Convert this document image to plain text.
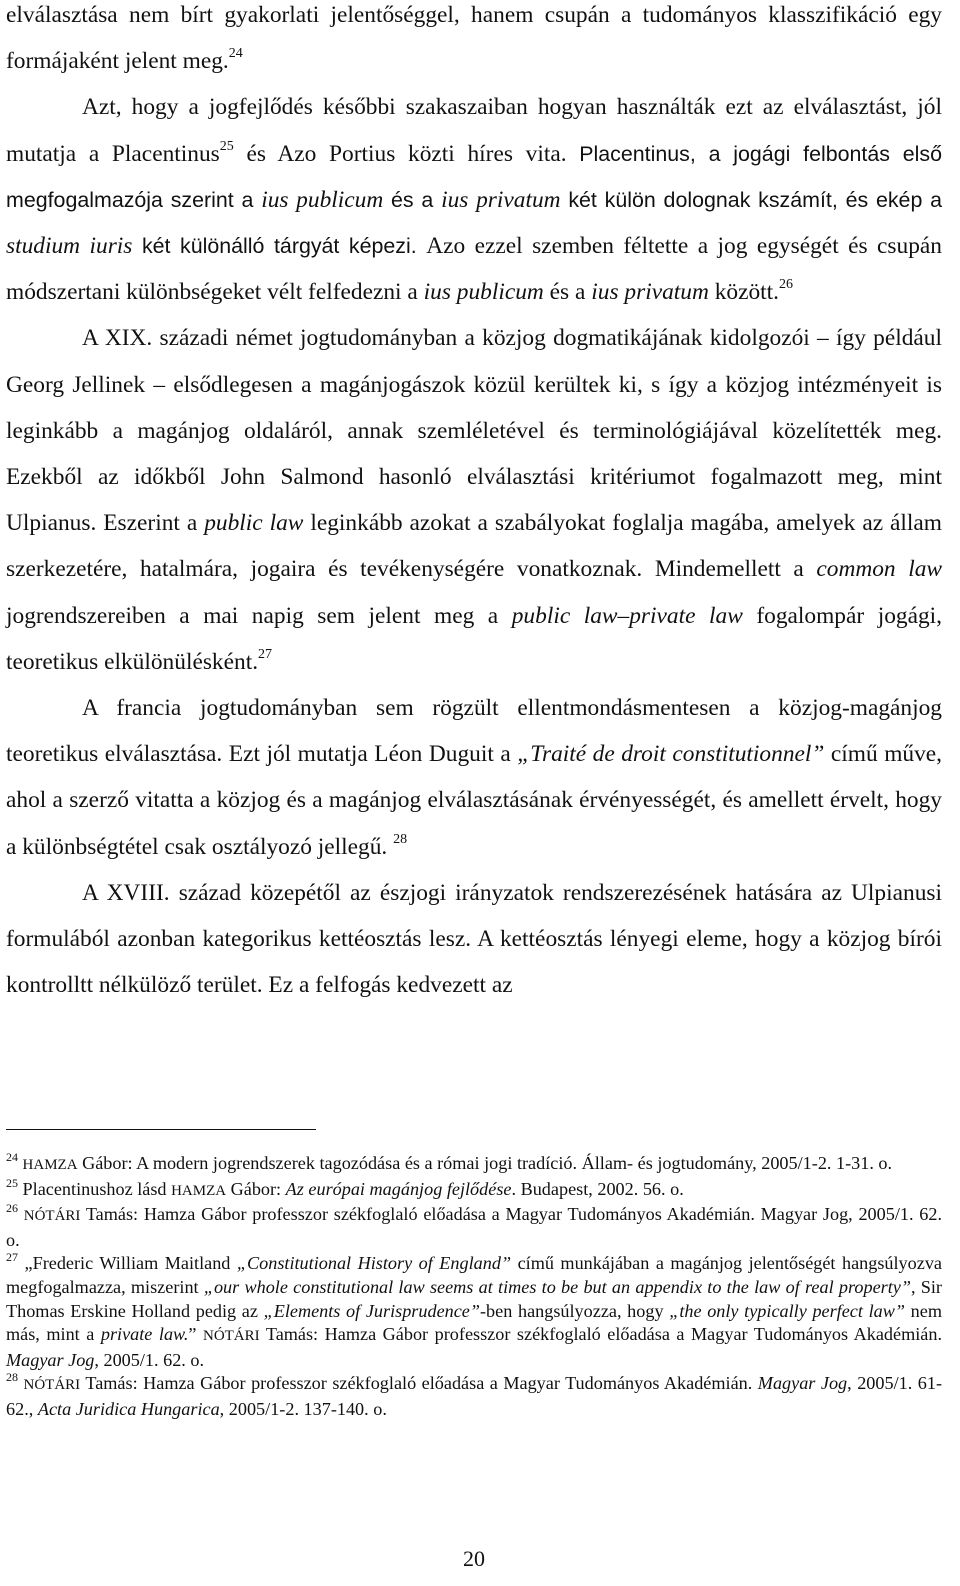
elválasztása nem bírt gyakorlati jelentőséggel, hanem csupán a tudományos klasszifikáció egy formájaként jelent meg.$^{24}$

Azt, hogy a jogfejlődés későbbi szakaszaiban hogyan használták ezt az elválasztást, jól mutatja a Placentinus$^{25}$ és Azo Portius közti híres vita. Placentinus, a jogági felbontás első megfogalmazója szerint a ius publicum és a ius privatum két külön dolognak kszámít, és ekép a studium iuris két különálló tárgyát képezi. Azo ezzel szemben féltette a jog egységét és csupán módszertani különbségeket vélt felfedezni a ius publicum és a ius privatum között.$^{26}$

A XIX. századi német jogtudományban a közjog dogmatikájának kidolgozói – így például Georg Jellinek – elsődlegesen a magánjogászok közül kerültek ki, s így a közjog intézményeit is leginkább a magánjog oldaláról, annak szemléletével és terminológiájával közelítették meg. Ezekből az időkből John Salmond hasonló elválasztási kritériumot fogalmazott meg, mint Ulpianus. Eszerint a public law leginkább azokat a szabályokat foglalja magába, amelyek az állam szerkezetére, hatalmára, jogaira és tevékenységére vonatkoznak. Mindemellett a common law jogrendszereiben a mai napig sem jelent meg a public law–private law fogalompár jogági, teoretikus elkülönülésként.$^{27}$

A francia jogtudományban sem rögzült ellentmondásmentesen a közjog-magánjog teoretikus elválasztása. Ezt jól mutatja Léon Duguit a „Traité de droit constitutionnel” című műve, ahol a szerző vitatta a közjog és a magánjog elválasztásának érvényességét, és amellett érvelt, hogy a különbségtétel csak osztályozó jellegű. $^{28}$

A XVIII. század közepétől az észjogi irányzatok rendszerezésének hatására az Ulpianusi formulából azonban kategorikus kettéosztás lesz. A kettéosztás lényegi eleme, hogy a közjog bírói kontrolltt nélkülöző terület. Ez a felfogás kedvezett az

$^{24}$ HAMZA Gábor: A modern jogrendszerek tagozódása és a római jogi tradíció. Állam- és jogtudomány, 2005/1-2. 1-31. o.

$^{25}$ Placentinushoz lásd HAMZA Gábor: Az európai magánjog fejlődése. Budapest, 2002. 56. o.

$^{26}$ NÓTÁRI Tamás: Hamza Gábor professzor székfoglaló előadása a Magyar Tudományos Akadémián. Magyar Jog, 2005/1. 62. o.

$^{27}$ „Frederic William Maitland „Constitutional History of England” című munkájában a magánjog jelentőségét hangsúlyozva megfogalmazza, miszerint „our whole constitutional law seems at times to be but an appendix to the law of real property”, Sir Thomas Erskine Holland pedig az „Elements of Jurisprudence”-ben hangsúlyozza, hogy „the only typically perfect law” nem más, mint a private law.” NÓTÁRI Tamás: Hamza Gábor professzor székfoglaló előadása a Magyar Tudományos Akadémián. Magyar Jog, 2005/1. 62. o.

$^{28}$ NÓTÁRI Tamás: Hamza Gábor professzor székfoglaló előadása a Magyar Tudományos Akadémián. Magyar Jog, 2005/1. 61-62., Acta Juridica Hungarica, 2005/1-2. 137-140. o.

20
